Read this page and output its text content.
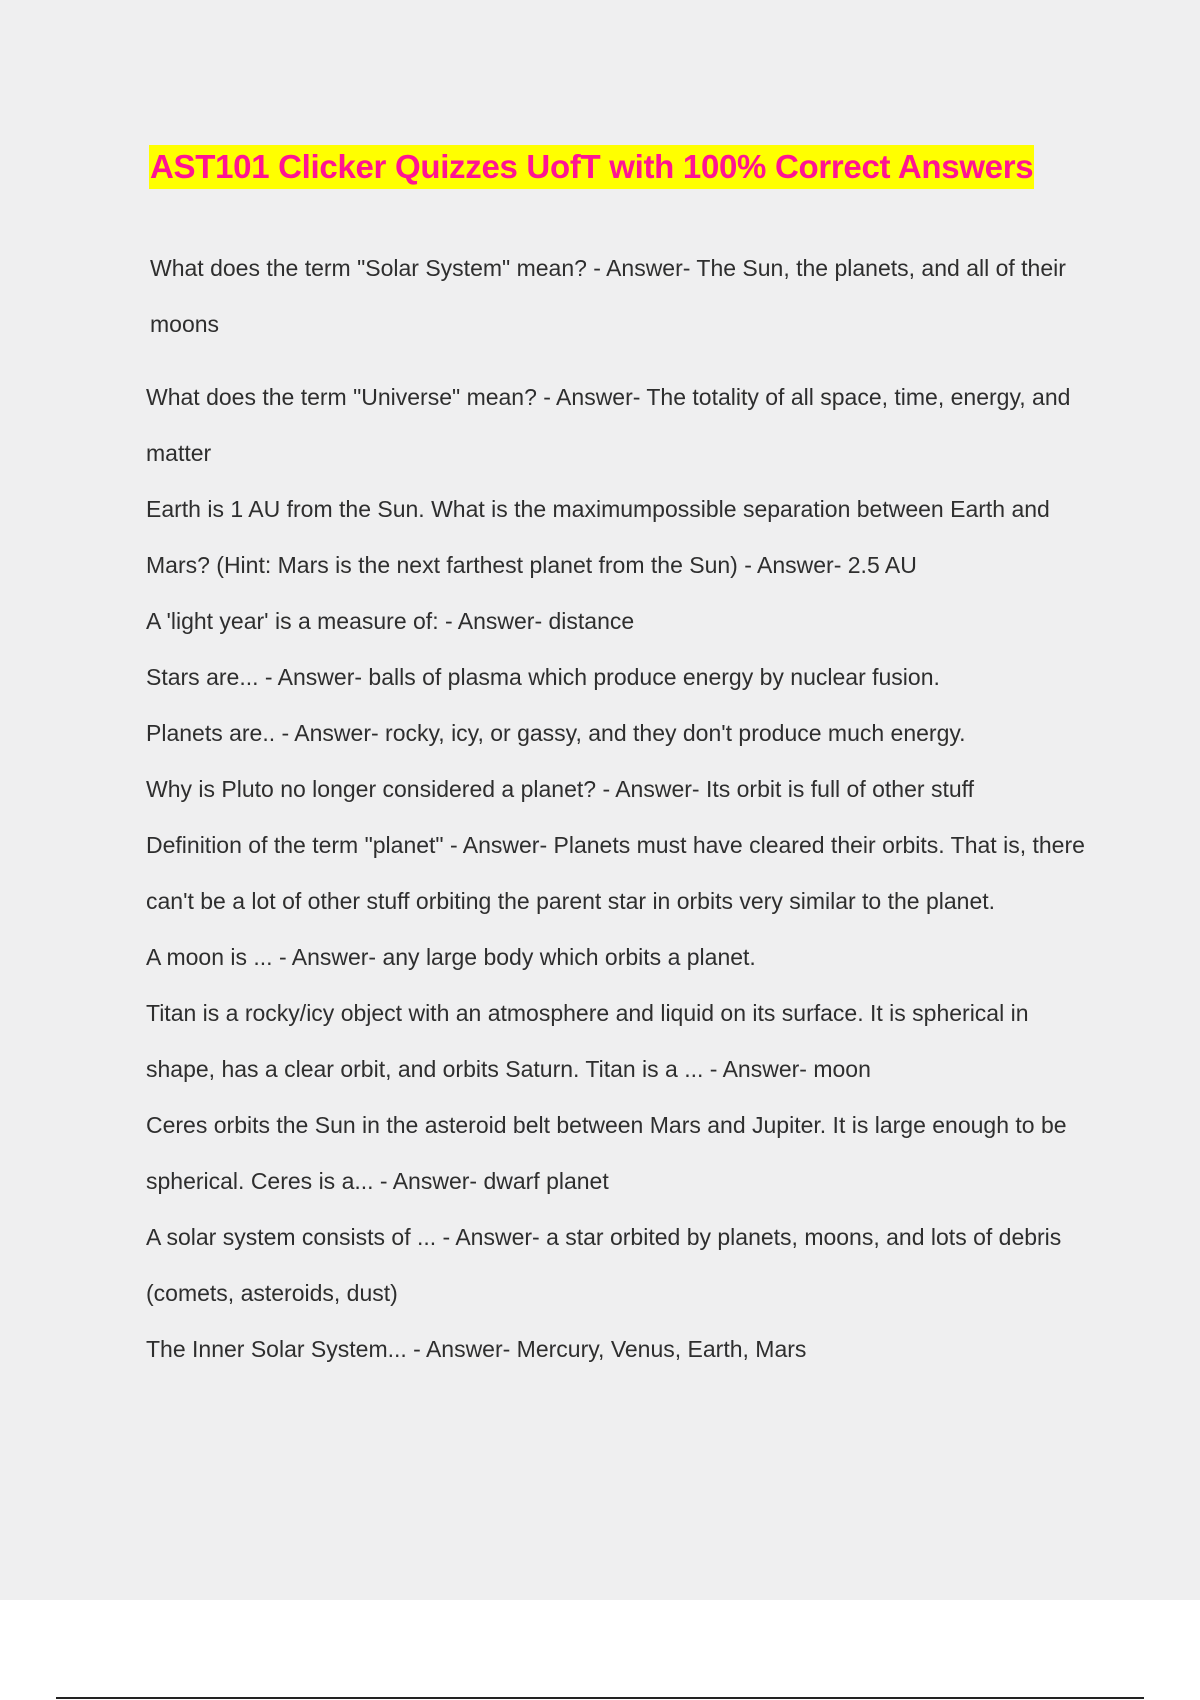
AST101 Clicker Quizzes UofT with 100% Correct Answers
What does the term "Solar System" mean? - Answer- The Sun, the planets, and all of their moons
What does the term "Universe" mean? - Answer- The totality of all space, time, energy, and matter
Earth is 1 AU from the Sun. What is the maximumpossible separation between Earth and Mars? (Hint: Mars is the next farthest planet from the Sun) - Answer- 2.5 AU
A 'light year' is a measure of: - Answer- distance
Stars are... - Answer- balls of plasma which produce energy by nuclear fusion.
Planets are.. - Answer- rocky, icy, or gassy, and they don't produce much energy.
Why is Pluto no longer considered a planet? - Answer- Its orbit is full of other stuff
Definition of the term "planet" - Answer- Planets must have cleared their orbits. That is, there can't be a lot of other stuff orbiting the parent star in orbits very similar to the planet.
A moon is ... - Answer- any large body which orbits a planet.
Titan is a rocky/icy object with an atmosphere and liquid on its surface. It is spherical in shape, has a clear orbit, and orbits Saturn. Titan is a ... - Answer- moon
Ceres orbits the Sun in the asteroid belt between Mars and Jupiter. It is large enough to be spherical. Ceres is a... - Answer- dwarf planet
A solar system consists of ... - Answer- a star orbited by planets, moons, and lots of debris (comets, asteroids, dust)
The Inner Solar System... - Answer- Mercury, Venus, Earth, Mars
